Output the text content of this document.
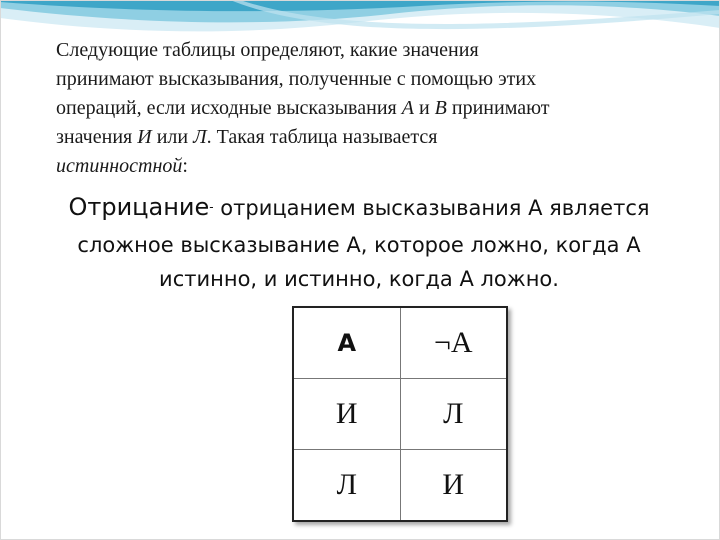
Следующие таблицы определяют, какие значения
принимают высказывания, полученные с помощью этих
операций, если исходные высказывания A и B принимают
значения И или Л. Такая таблица называется
истинностной:
Отрицание- отрицанием высказывания А является сложное высказывание А, которое ложно, когда А истинно, и истинно, когда А ложно.
A	¬A
И	Л
Л	И
